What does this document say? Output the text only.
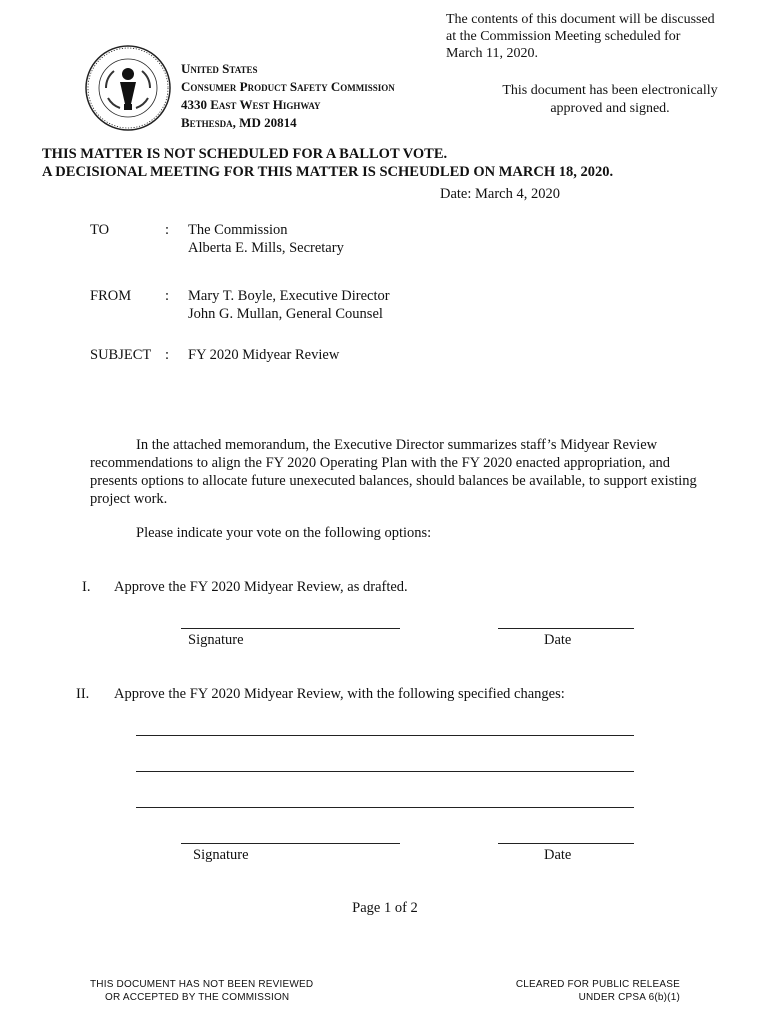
The contents of this document will be discussed
at the Commission Meeting scheduled for
March 11, 2020.
This document has been electronically approved and signed.
United States
Consumer Product Safety Commission
4330 East West Highway
Bethesda, MD 20814
THIS MATTER IS NOT SCHEDULED FOR A BALLOT VOTE.
A DECISIONAL MEETING FOR THIS MATTER IS SCHEUDLED ON MARCH 18, 2020.
Date: March 4, 2020
TO	: The Commission
Alberta E. Mills, Secretary
FROM : Mary T. Boyle, Executive Director
John G. Mullan, General Counsel
SUBJECT : FY 2020 Midyear Review
In the attached memorandum, the Executive Director summarizes staff’s Midyear Review recommendations to align the FY 2020 Operating Plan with the FY 2020 enacted appropriation, and presents options to allocate future unexecuted balances, should balances be available, to support existing project work.
Please indicate your vote on the following options:
I. Approve the FY 2020 Midyear Review, as drafted.
Signature	Date
II. Approve the FY 2020 Midyear Review, with the following specified changes:
Signature	Date
Page 1 of 2
THIS DOCUMENT HAS NOT BEEN REVIEWED
OR ACCEPTED BY THE COMMISSION
CLEARED FOR PUBLIC RELEASE
UNDER CPSA 6(b)(1)
